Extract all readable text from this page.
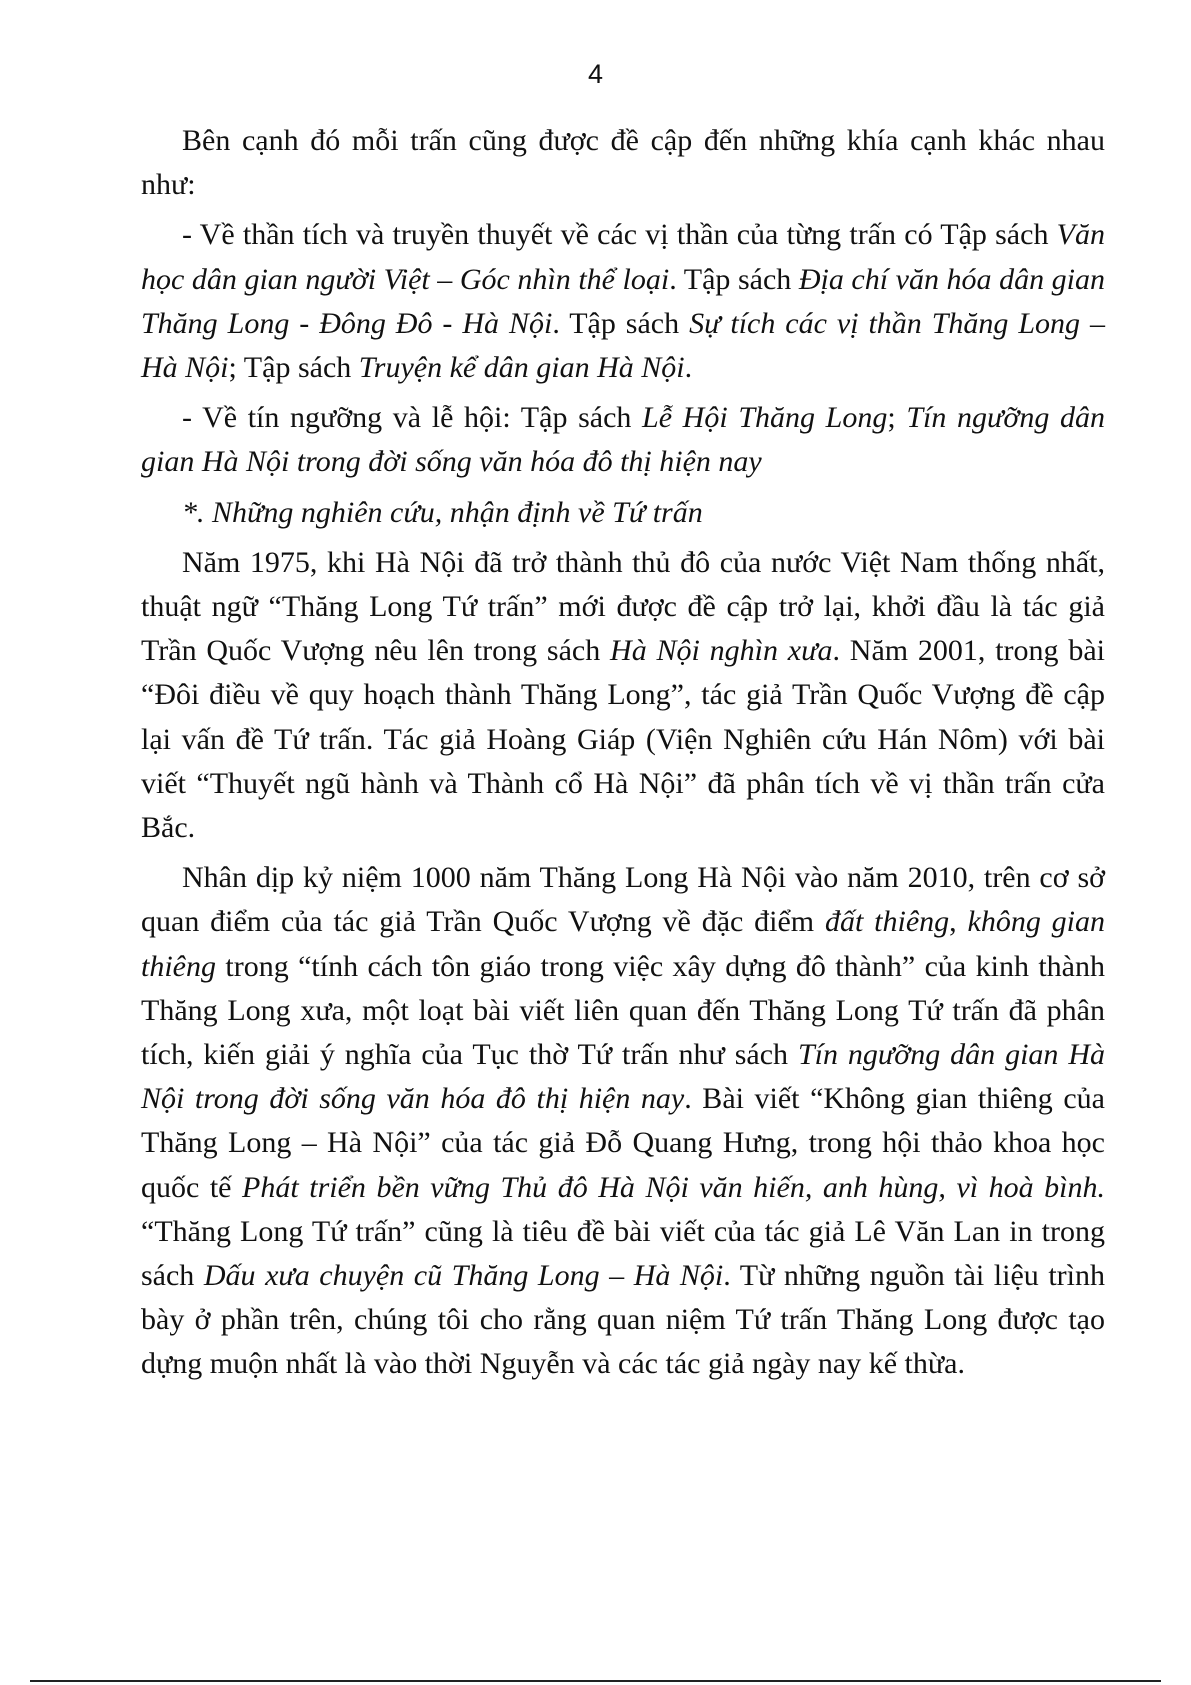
4

Bên cạnh đó mỗi trấn cũng được đề cập đến những khía cạnh khác nhau như:

- Về thần tích và truyền thuyết về các vị thần của từng trấn có Tập sách Văn học dân gian người Việt – Góc nhìn thể loại. Tập sách Địa chí văn hóa dân gian Thăng Long - Đông Đô - Hà Nội. Tập sách Sự tích các vị thần Thăng Long – Hà Nội; Tập sách Truyện kể dân gian Hà Nội.

- Về tín ngưỡng và lễ hội: Tập sách Lễ Hội Thăng Long; Tín ngưỡng dân gian Hà Nội trong đời sống văn hóa đô thị hiện nay

*. Những nghiên cứu, nhận định về Tứ trấn

Năm 1975, khi Hà Nội đã trở thành thủ đô của nước Việt Nam thống nhất, thuật ngữ “Thăng Long Tứ trấn” mới được đề cập trở lại, khởi đầu là tác giả Trần Quốc Vượng nêu lên trong sách Hà Nội nghìn xưa. Năm 2001, trong bài “Đôi điều về quy hoạch thành Thăng Long”, tác giả Trần Quốc Vượng đề cập lại vấn đề Tứ trấn. Tác giả Hoàng Giáp (Viện Nghiên cứu Hán Nôm) với bài viết “Thuyết ngũ hành và Thành cổ Hà Nội” đã phân tích về vị thần trấn cửa Bắc.

Nhân dịp kỷ niệm 1000 năm Thăng Long Hà Nội vào năm 2010, trên cơ sở quan điểm của tác giả Trần Quốc Vượng về đặc điểm đất thiêng, không gian thiêng trong “tính cách tôn giáo trong việc xây dựng đô thành” của kinh thành Thăng Long xưa, một loạt bài viết liên quan đến Thăng Long Tứ trấn đã phân tích, kiến giải ý nghĩa của Tục thờ Tứ trấn như sách Tín ngưỡng dân gian Hà Nội trong đời sống văn hóa đô thị hiện nay. Bài viết “Không gian thiêng của Thăng Long – Hà Nội” của tác giả Đỗ Quang Hưng, trong hội thảo khoa học quốc tế Phát triển bền vững Thủ đô Hà Nội văn hiến, anh hùng, vì hoà bình. “Thăng Long Tứ trấn” cũng là tiêu đề bài viết của tác giả Lê Văn Lan in trong sách Dấu xưa chuyện cũ Thăng Long – Hà Nội. Từ những nguồn tài liệu trình bày ở phần trên, chúng tôi cho rằng quan niệm Tứ trấn Thăng Long được tạo dựng muộn nhất là vào thời Nguyễn và các tác giả ngày nay kế thừa.
